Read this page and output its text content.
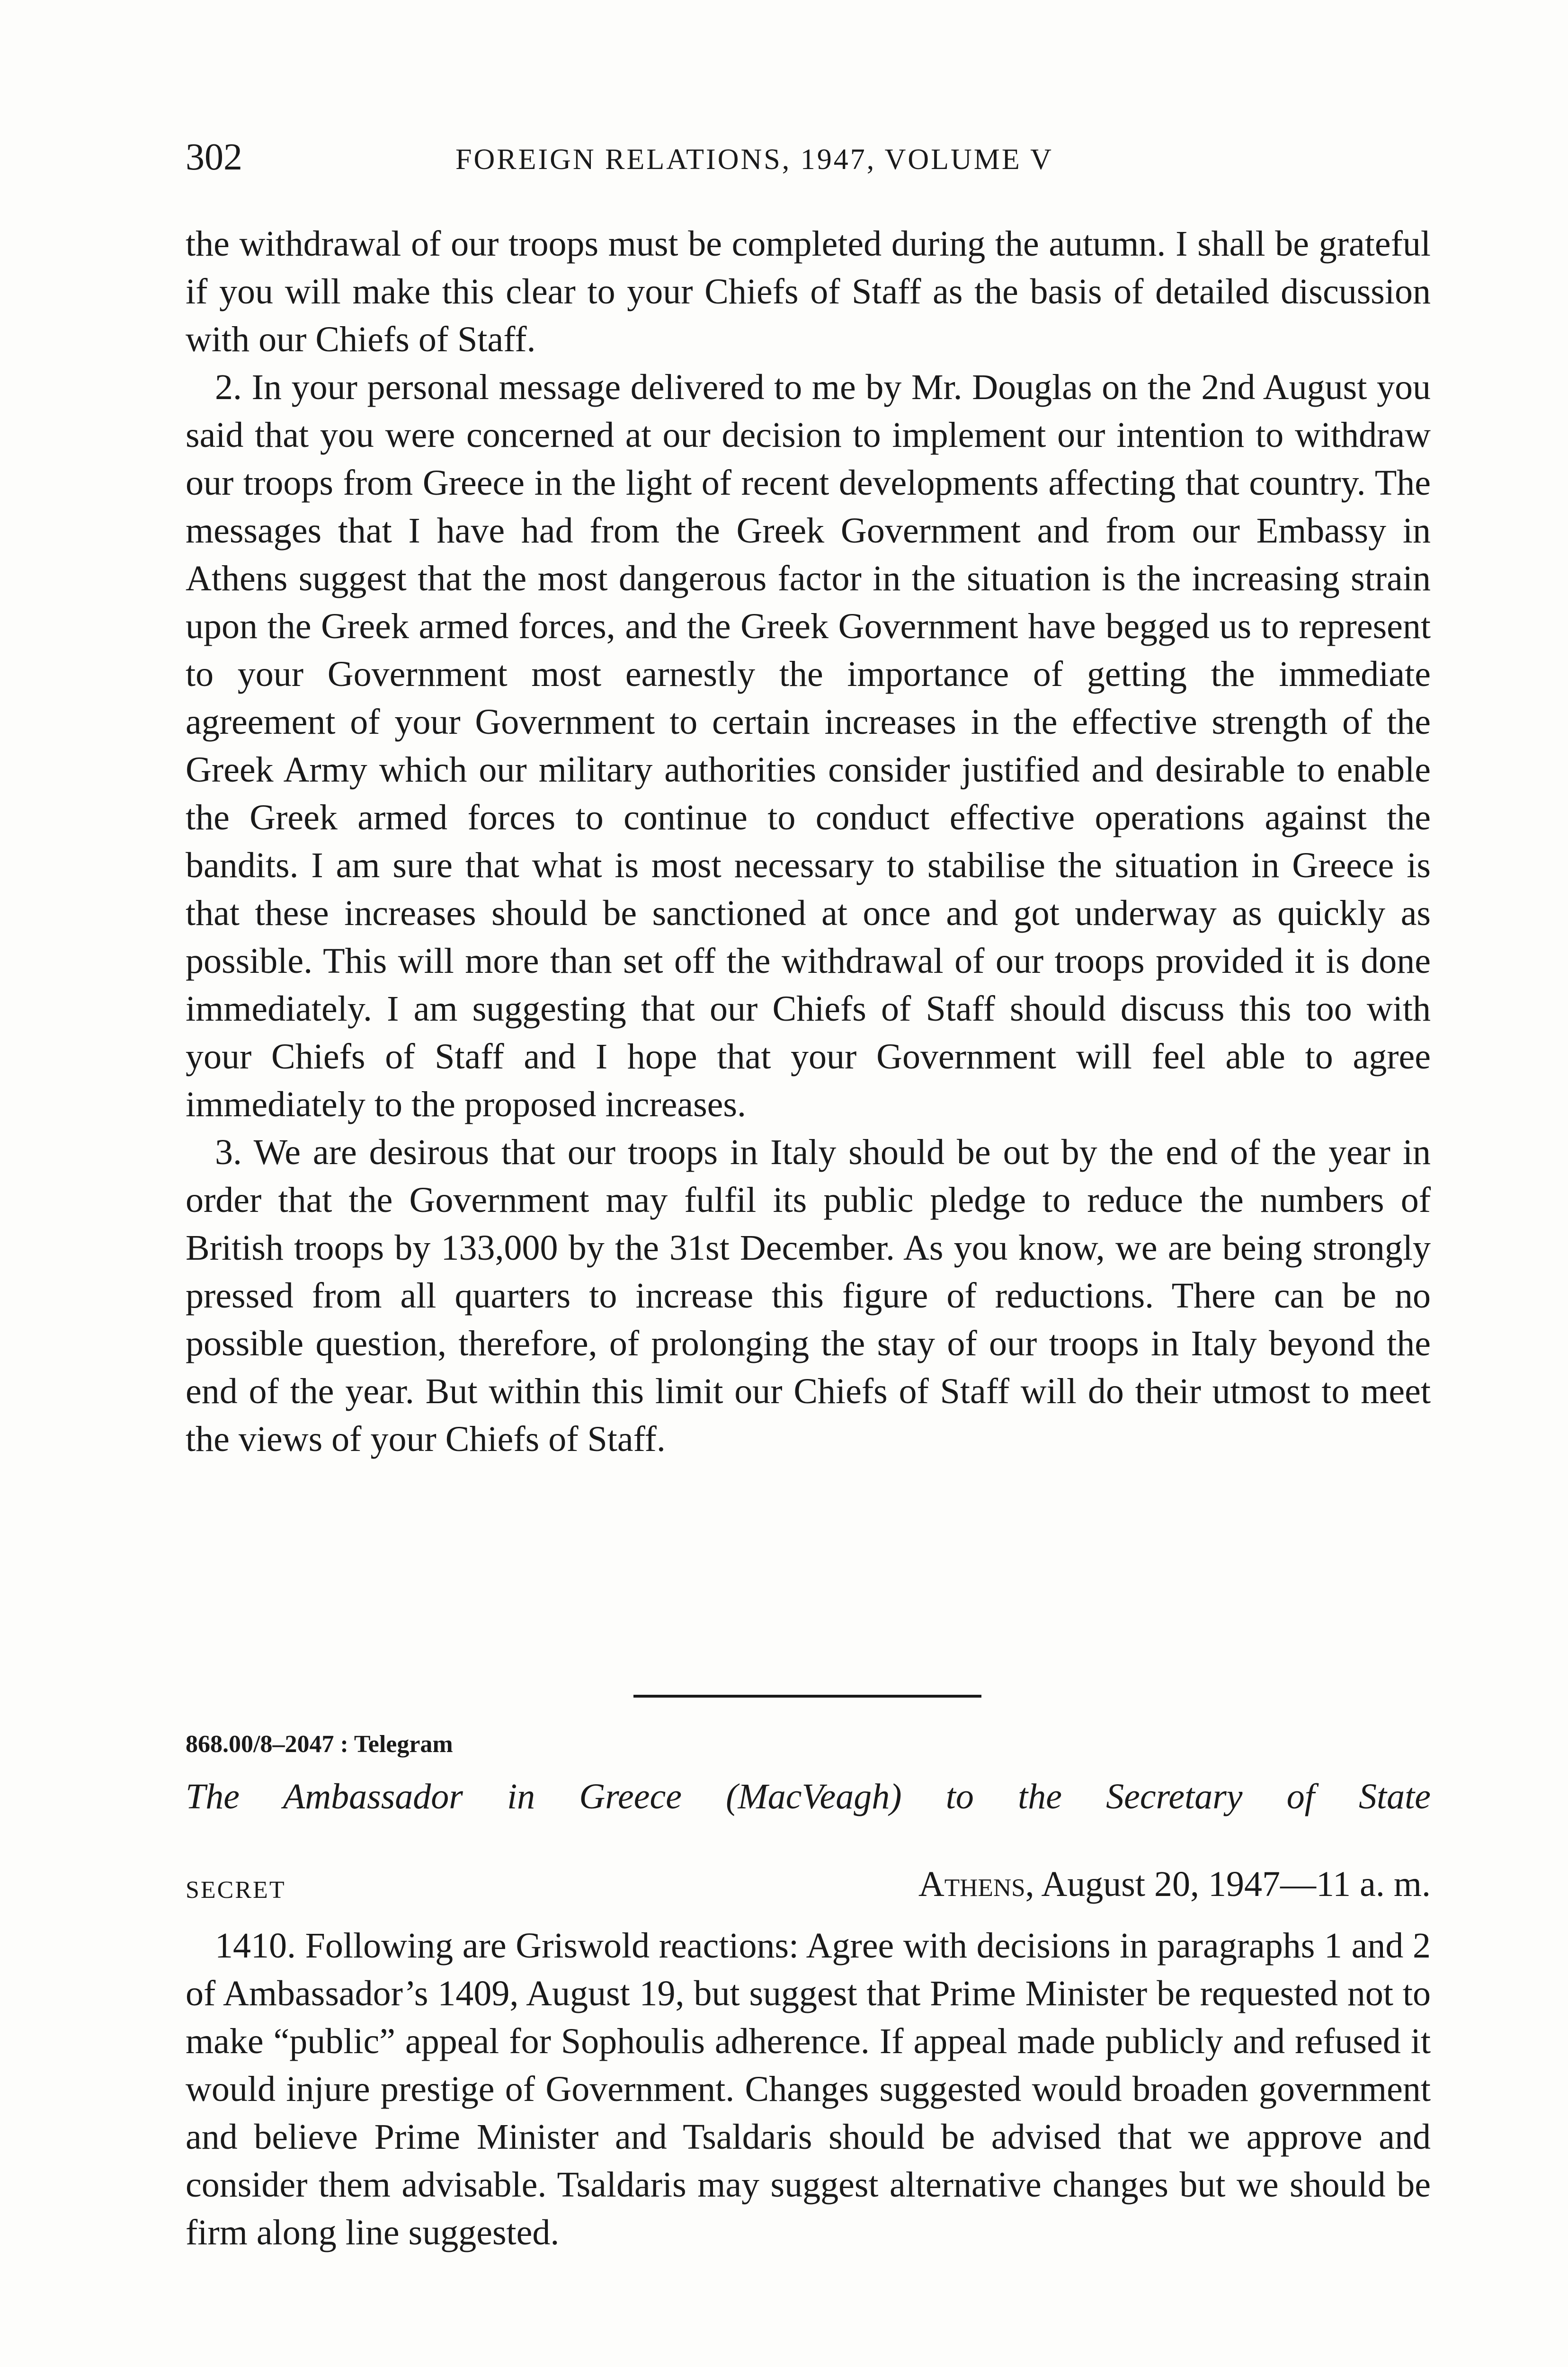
302	FOREIGN RELATIONS, 1947, VOLUME V

the withdrawal of our troops must be completed during the autumn. I shall be grateful if you will make this clear to your Chiefs of Staff as the basis of detailed discussion with our Chiefs of Staff.

2. In your personal message delivered to me by Mr. Douglas on the 2nd August you said that you were concerned at our decision to implement our intention to withdraw our troops from Greece in the light of recent developments affecting that country. The messages that I have had from the Greek Government and from our Embassy in Athens suggest that the most dangerous factor in the situation is the increasing strain upon the Greek armed forces, and the Greek Government have begged us to represent to your Government most earnestly the importance of getting the immediate agreement of your Government to certain increases in the effective strength of the Greek Army which our military authorities consider justified and desirable to enable the Greek armed forces to continue to conduct effective operations against the bandits. I am sure that what is most necessary to stabilise the situation in Greece is that these increases should be sanctioned at once and got underway as quickly as possible. This will more than set off the withdrawal of our troops provided it is done immediately. I am suggesting that our Chiefs of Staff should discuss this too with your Chiefs of Staff and I hope that your Government will feel able to agree immediately to the proposed increases.

3. We are desirous that our troops in Italy should be out by the end of the year in order that the Government may fulfil its public pledge to reduce the numbers of British troops by 133,000 by the 31st December. As you know, we are being strongly pressed from all quarters to increase this figure of reductions. There can be no possible question, therefore, of prolonging the stay of our troops in Italy beyond the end of the year. But within this limit our Chiefs of Staff will do their utmost to meet the views of your Chiefs of Staff.

868.00/8–2047 : Telegram
The Ambassador in Greece (MacVeagh) to the Secretary of State
SECRET	Athens, August 20, 1947—11 a. m.

1410. Following are Griswold reactions: Agree with decisions in paragraphs 1 and 2 of Ambassador’s 1409, August 19, but suggest that Prime Minister be requested not to make “public” appeal for Sophoulis adherence. If appeal made publicly and refused it would injure prestige of Government. Changes suggested would broaden government and believe Prime Minister and Tsaldaris should be advised that we approve and consider them advisable. Tsaldaris may suggest alternative changes but we should be firm along line suggested.
